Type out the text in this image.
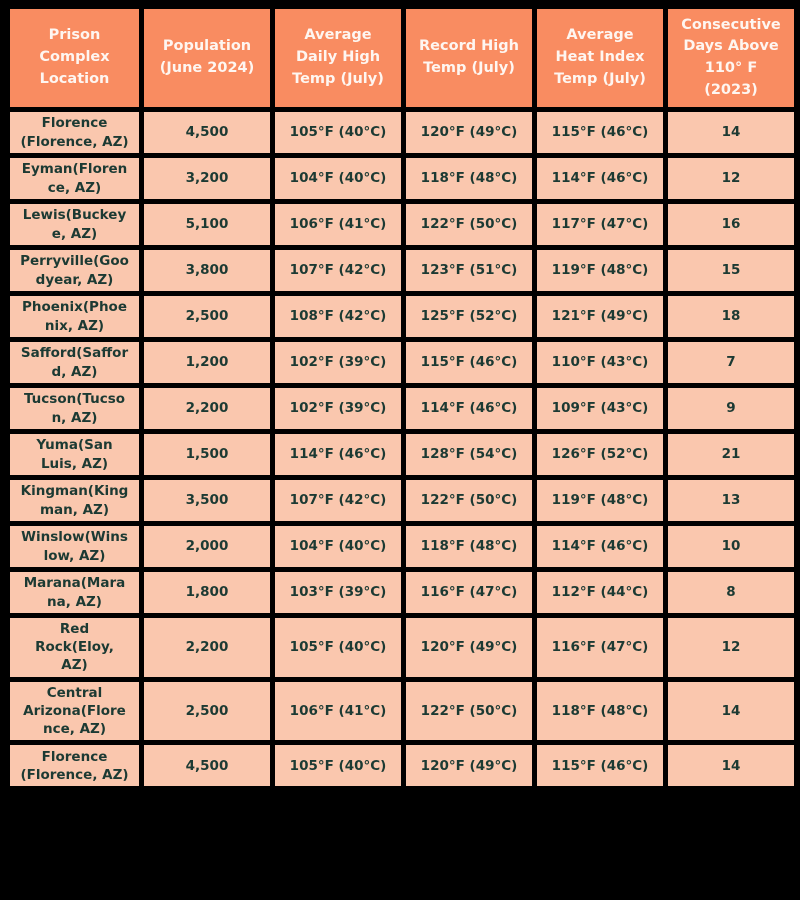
Prison Complex Location	Population (June 2024)	Average Daily High Temp (July)	Record High Temp (July)	Average Heat Index Temp (July)	Consecutive Days Above 110° F (2023)
Florence (Florence, AZ)	4,500	105°F (40°C)	120°F (49°C)	115°F (46°C)	14
Eyman(Florence, AZ)	3,200	104°F (40°C)	118°F (48°C)	114°F (46°C)	12
Lewis(Buckeye, AZ)	5,100	106°F (41°C)	122°F (50°C)	117°F (47°C)	16
Perryville(Goodyear, AZ)	3,800	107°F (42°C)	123°F (51°C)	119°F (48°C)	15
Phoenix(Phoenix, AZ)	2,500	108°F (42°C)	125°F (52°C)	121°F (49°C)	18
Safford(Safford, AZ)	1,200	102°F (39°C)	115°F (46°C)	110°F (43°C)	7
Tucson(Tucson, AZ)	2,200	102°F (39°C)	114°F (46°C)	109°F (43°C)	9
Yuma(San Luis, AZ)	1,500	114°F (46°C)	128°F (54°C)	126°F (52°C)	21
Kingman(Kingman, AZ)	3,500	107°F (42°C)	122°F (50°C)	119°F (48°C)	13
Winslow(Winslow, AZ)	2,000	104°F (40°C)	118°F (48°C)	114°F (46°C)	10
Marana(Marana, AZ)	1,800	103°F (39°C)	116°F (47°C)	112°F (44°C)	8
Red Rock(Eloy, AZ)	2,200	105°F (40°C)	120°F (49°C)	116°F (47°C)	12
Central Arizona(Florence, AZ)	2,500	106°F (41°C)	122°F (50°C)	118°F (48°C)	14
Florence (Florence, AZ)	4,500	105°F (40°C)	120°F (49°C)	115°F (46°C)	14
